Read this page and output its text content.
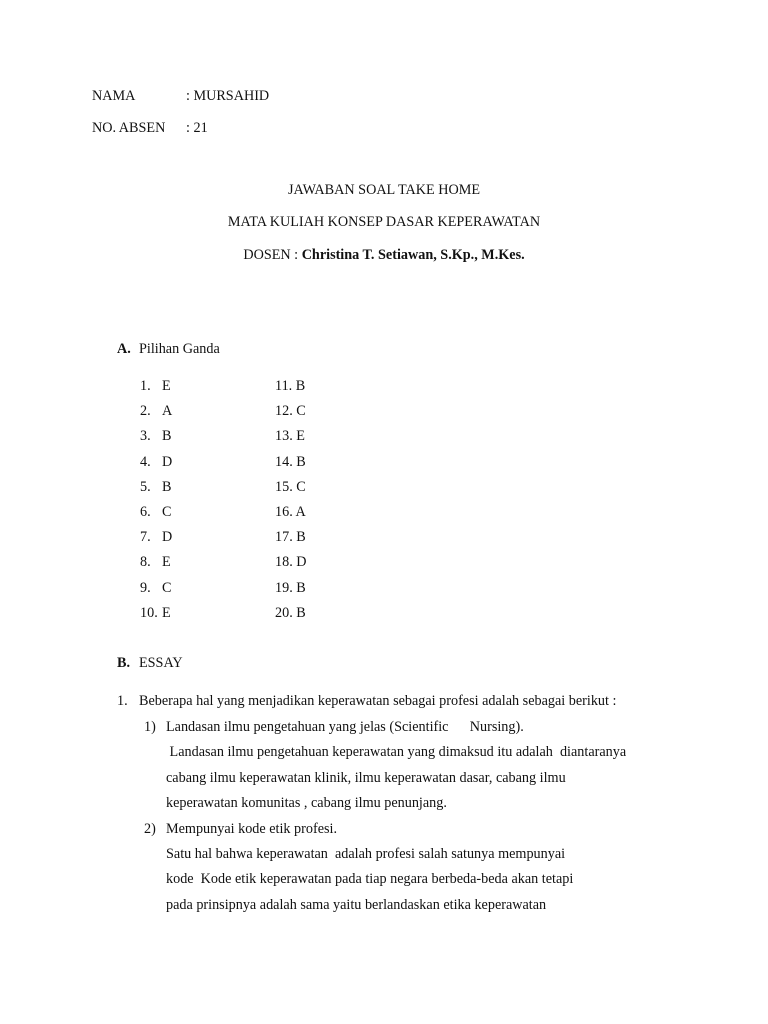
NAMA	: MURSAHID
NO. ABSEN : 21
JAWABAN SOAL TAKE HOME
MATA KULIAH KONSEP DASAR KEPERAWATAN
DOSEN : Christina T. Setiawan, S.Kp., M.Kes.
A. Pilihan Ganda
1. E
2. A
3. B
4. D
5. B
6. C
7. D
8. E
9. C
10. E
11. B
12. C
13. E
14. B
15. C
16. A
17. B
18. D
19. B
20. B
B. ESSAY
1. Beberapa hal yang menjadikan keperawatan sebagai profesi adalah sebagai berikut :
1) Landasan ilmu pengetahuan yang jelas (Scientific      Nursing).
Landasan ilmu pengetahuan keperawatan yang dimaksud itu adalah  diantaranya
cabang ilmu keperawatan klinik, ilmu keperawatan dasar, cabang ilmu
keperawatan komunitas , cabang ilmu penunjang.
2) Mempunyai kode etik profesi.
Satu hal bahwa keperawatan  adalah profesi salah satunya mempunyai
kode  Kode etik keperawatan pada tiap negara berbeda-beda akan tetapi
pada prinsipnya adalah sama yaitu berlandaskan etika keperawatan
